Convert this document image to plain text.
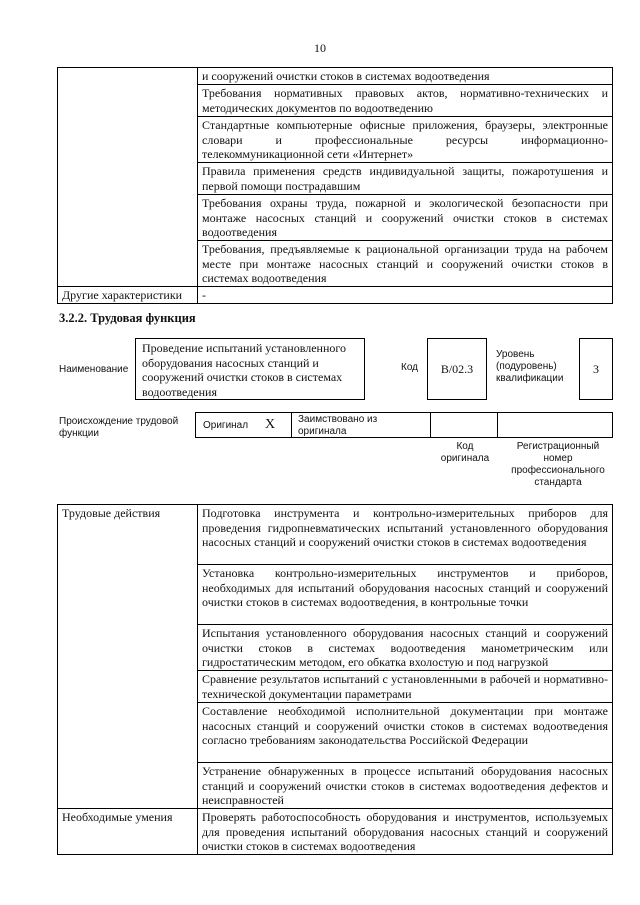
10
	и сооружений очистки стоков в системах водоотведения
	Требования нормативных правовых актов, нормативно-технических и методических документов по водоотведению
	Стандартные компьютерные офисные приложения, браузеры, электронные словари и профессиональные ресурсы информационно-телекоммуникационной сети «Интернет»
	Правила применения средств индивидуальной защиты, пожаротушения и первой помощи пострадавшим
	Требования охраны труда, пожарной и экологической безопасности при монтаже насосных станций и сооружений очистки стоков в системах водоотведения
	Требования, предъявляемые к рациональной организации труда на рабочем месте при монтаже насосных станций и сооружений очистки стоков в системах водоотведения
Другие характеристики	-
3.2.2. Трудовая функция
Наименование
Проведение испытаний установленного оборудования насосных станций и сооружений очистки стоков в системах водоотведения
Код	В/02.3
Уровень (подуровень) квалификации
3
Происхождение трудовой функции
Оригинал X Заимствовано из оригинала
Код оригинала
Регистрационный номер профессионального стандарта
Трудовые действия	Подготовка инструмента и контрольно-измерительных приборов для проведения гидропневматических испытаний установленного оборудования насосных станций и сооружений очистки стоков в системах водоотведения
	Установка контрольно-измерительных инструментов и приборов, необходимых для испытаний оборудования насосных станций и сооружений очистки стоков в системах водоотведения, в контрольные точки
	Испытания установленного оборудования насосных станций и сооружений очистки стоков в системах водоотведения манометрическим или гидростатическим методом, его обкатка вхолостую и под нагрузкой
	Сравнение результатов испытаний с установленными в рабочей и нормативно-технической документации параметрами
	Составление необходимой исполнительной документации при монтаже насосных станций и сооружений очистки стоков в системах водоотведения согласно требованиям законодательства Российской Федерации
	Устранение обнаруженных в процессе испытаний оборудования насосных станций и сооружений очистки стоков в системах водоотведения дефектов и неисправностей
Необходимые умения	Проверять работоспособность оборудования и инструментов, используемых для проведения испытаний оборудования насосных станций и сооружений очистки стоков в системах водоотведения
